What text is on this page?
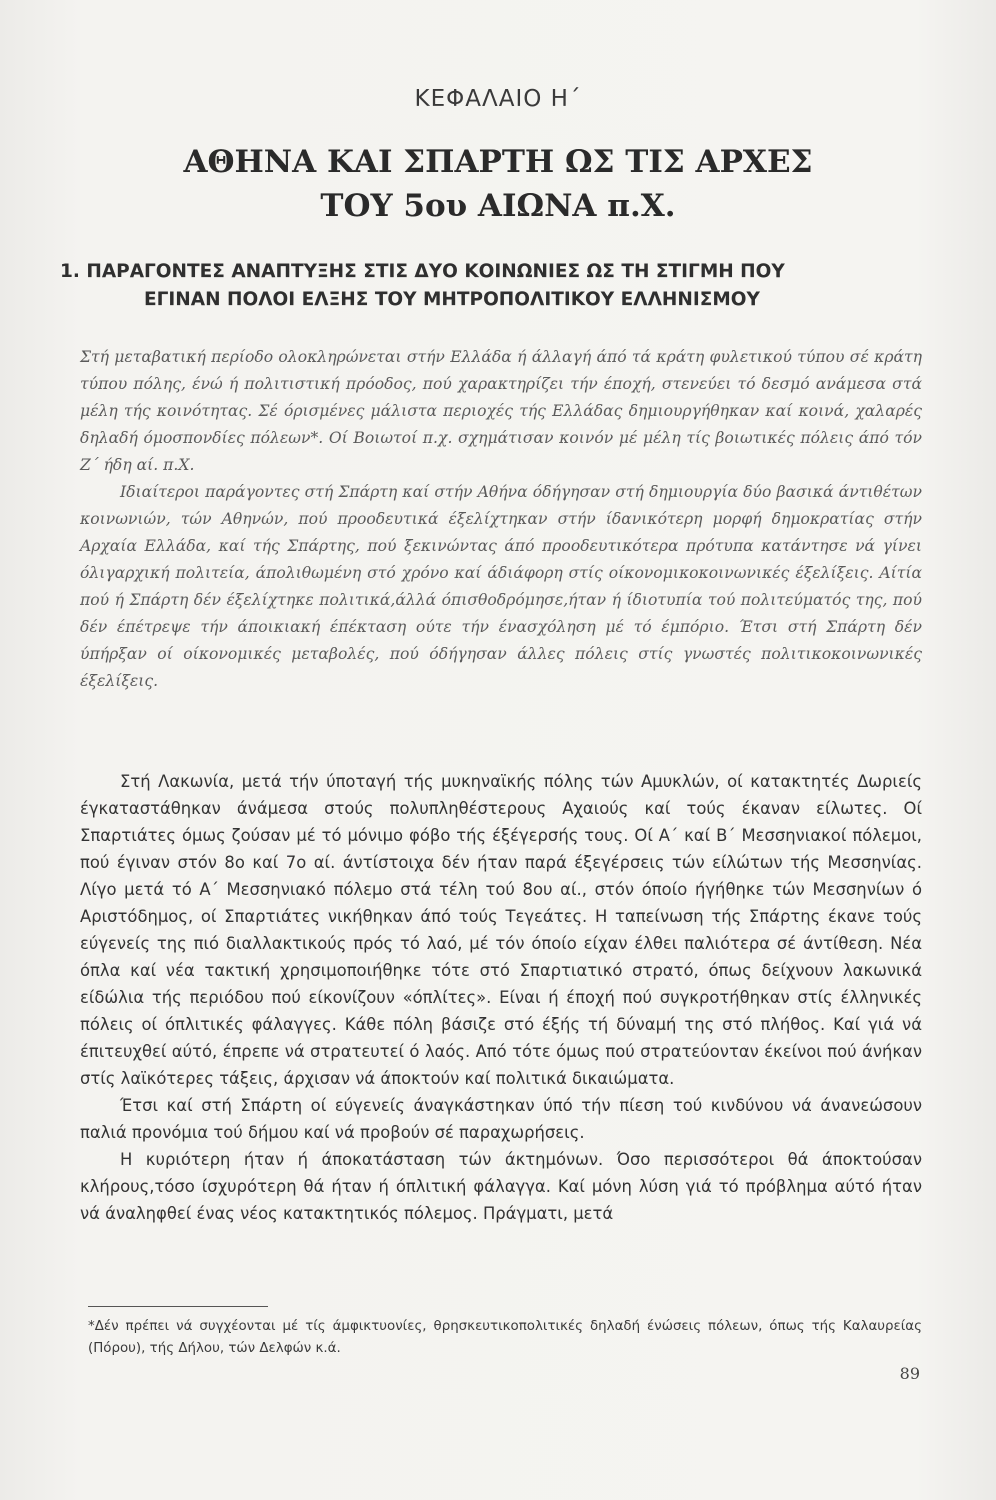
ΚΕΦΑΛΑΙΟ Η΄
ΑΘΗΝΑ ΚΑΙ ΣΠΑΡΤΗ ΩΣ ΤΙΣ ΑΡΧΕΣ
ΤΟΥ 5ου ΑΙΩΝΑ π.Χ.
1. ΠΑΡΑΓΟΝΤΕΣ ΑΝΑΠΤΥΞΗΣ ΣΤΙΣ ΔΥΟ ΚΟΙΝΩΝΙΕΣ ΩΣ ΤΗ ΣΤΙΓΜΗ ΠΟΥ
ΕΓΙΝΑΝ ΠΟΛΟΙ ΕΛΞΗΣ ΤΟΥ ΜΗΤΡΟΠΟΛΙΤΙΚΟΥ ΕΛΛΗΝΙΣΜΟΥ

Στή μεταβατική περίοδο ολοκληρώνεται στήν Ελλάδα ή άλλαγή άπό τά κράτη φυλετικού τύπου σέ κράτη τύπου πόλης, ένώ ή πολιτιστική πρόοδος, πού χαρακτηρίζει τήν έποχή, στενεύει τό δεσμό ανάμεσα στά μέλη τής κοινότητας. Σέ όρισμένες μάλιστα περιοχές τής Ελλάδας δημιουργήθηκαν καί κοινά, χαλαρές δηλαδή όμοσπονδίες πόλεων*. Οί Βοιωτοί π.χ. σχημάτισαν κοινόν μέ μέλη τίς βοιωτικές πόλεις άπό τόν Ζ΄ ήδη αί. π.Χ.

Ιδιαίτεροι παράγοντες στή Σπάρτη καί στήν Αθήνα όδήγησαν στή δημιουργία δύο βασικά άντιθέτων κοινωνιών, τών Αθηνών, πού προοδευτικά έξελίχτηκαν στήν ίδανικότερη μορφή δημοκρατίας στήν Αρχαία Ελλάδα, καί τής Σπάρτης, πού ξεκινώντας άπό προοδευτικότερα πρότυπα κατάντησε νά γίνει όλιγαρχική πολιτεία, άπολιθωμένη στό χρόνο καί άδιάφορη στίς οίκονομικοκοινωνικές έξελίξεις. Αίτία πού ή Σπάρτη δέν έξελίχτηκε πολιτικά,άλλά όπισθοδρόμησε,ήταν ή ίδιοτυπία τού πολιτεύματός της, πού δέν έπέτρεψε τήν άποικιακή έπέκταση ούτε τήν ένασχόληση μέ τό έμπόριο. Έτσι στή Σπάρτη δέν ύπήρξαν οί οίκονομικές μεταβολές, πού όδήγησαν άλλες πόλεις στίς γνωστές πολιτικοκοινωνικές έξελίξεις.

Στή Λακωνία, μετά τήν ύποταγή τής μυκηναϊκής πόλης τών Αμυκλών, οί κατακτητές Δωριείς έγκαταστάθηκαν άνάμεσα στούς πολυπληθέστερους Αχαιούς καί τούς έκαναν είλωτες. Οί Σπαρτιάτες όμως ζούσαν μέ τό μόνιμο φόβο τής έξέγερσής τους. Οί Α΄ καί Β΄ Μεσσηνιακοί πόλεμοι, πού έγιναν στόν 8ο καί 7ο αί. άντίστοιχα δέν ήταν παρά έξεγέρσεις τών είλώτων τής Μεσσηνίας. Λίγο μετά τό Α΄ Μεσσηνιακό πόλεμο στά τέλη τού 8ου αί., στόν όποίο ήγήθηκε τών Μεσσηνίων ό Αριστόδημος, οί Σπαρτιάτες νικήθηκαν άπό τούς Τεγεάτες. Η ταπείνωση τής Σπάρτης έκανε τούς εύγενείς της πιό διαλλακτικούς πρός τό λαό, μέ τόν όποίο είχαν έλθει παλιότερα σέ άντίθεση. Νέα όπλα καί νέα τακτική χρησιμοποιήθηκε τότε στό Σπαρτιατικό στρατό, όπως δείχνουν λακωνικά είδώλια τής περιόδου πού είκονίζουν «όπλίτες». Είναι ή έποχή πού συγκροτήθηκαν στίς έλληνικές πόλεις οί όπλιτικές φάλαγγες. Κάθε πόλη βάσιζε στό έξής τή δύναμή της στό πλήθος. Καί γιά νά έπιτευχθεί αύτό, έπρεπε νά στρατευτεί ό λαός. Από τότε όμως πού στρατεύονταν έκείνοι πού άνήκαν στίς λαϊκότερες τάξεις, άρχισαν νά άποκτούν καί πολιτικά δικαιώματα.

Έτσι καί στή Σπάρτη οί εύγενείς άναγκάστηκαν ύπό τήν πίεση τού κινδύνου νά άνανεώσουν παλιά προνόμια τού δήμου καί νά προβούν σέ παραχωρήσεις.

Η κυριότερη ήταν ή άποκατάσταση τών άκτημόνων. Όσο περισσότεροι θά άποκτούσαν κλήρους,τόσο ίσχυρότερη θά ήταν ή όπλιτική φάλαγγα. Καί μόνη λύση γιά τό πρόβλημα αύτό ήταν νά άναληφθεί ένας νέος κατακτητικός πόλεμος. Πράγματι, μετά

*Δέν πρέπει νά συγχέονται μέ τίς άμφικτυονίες, θρησκευτικοπολιτικές δηλαδή ένώσεις πόλεων, όπως τής Καλαυρείας (Πόρου), τής Δήλου, τών Δελφών κ.ά.
89
